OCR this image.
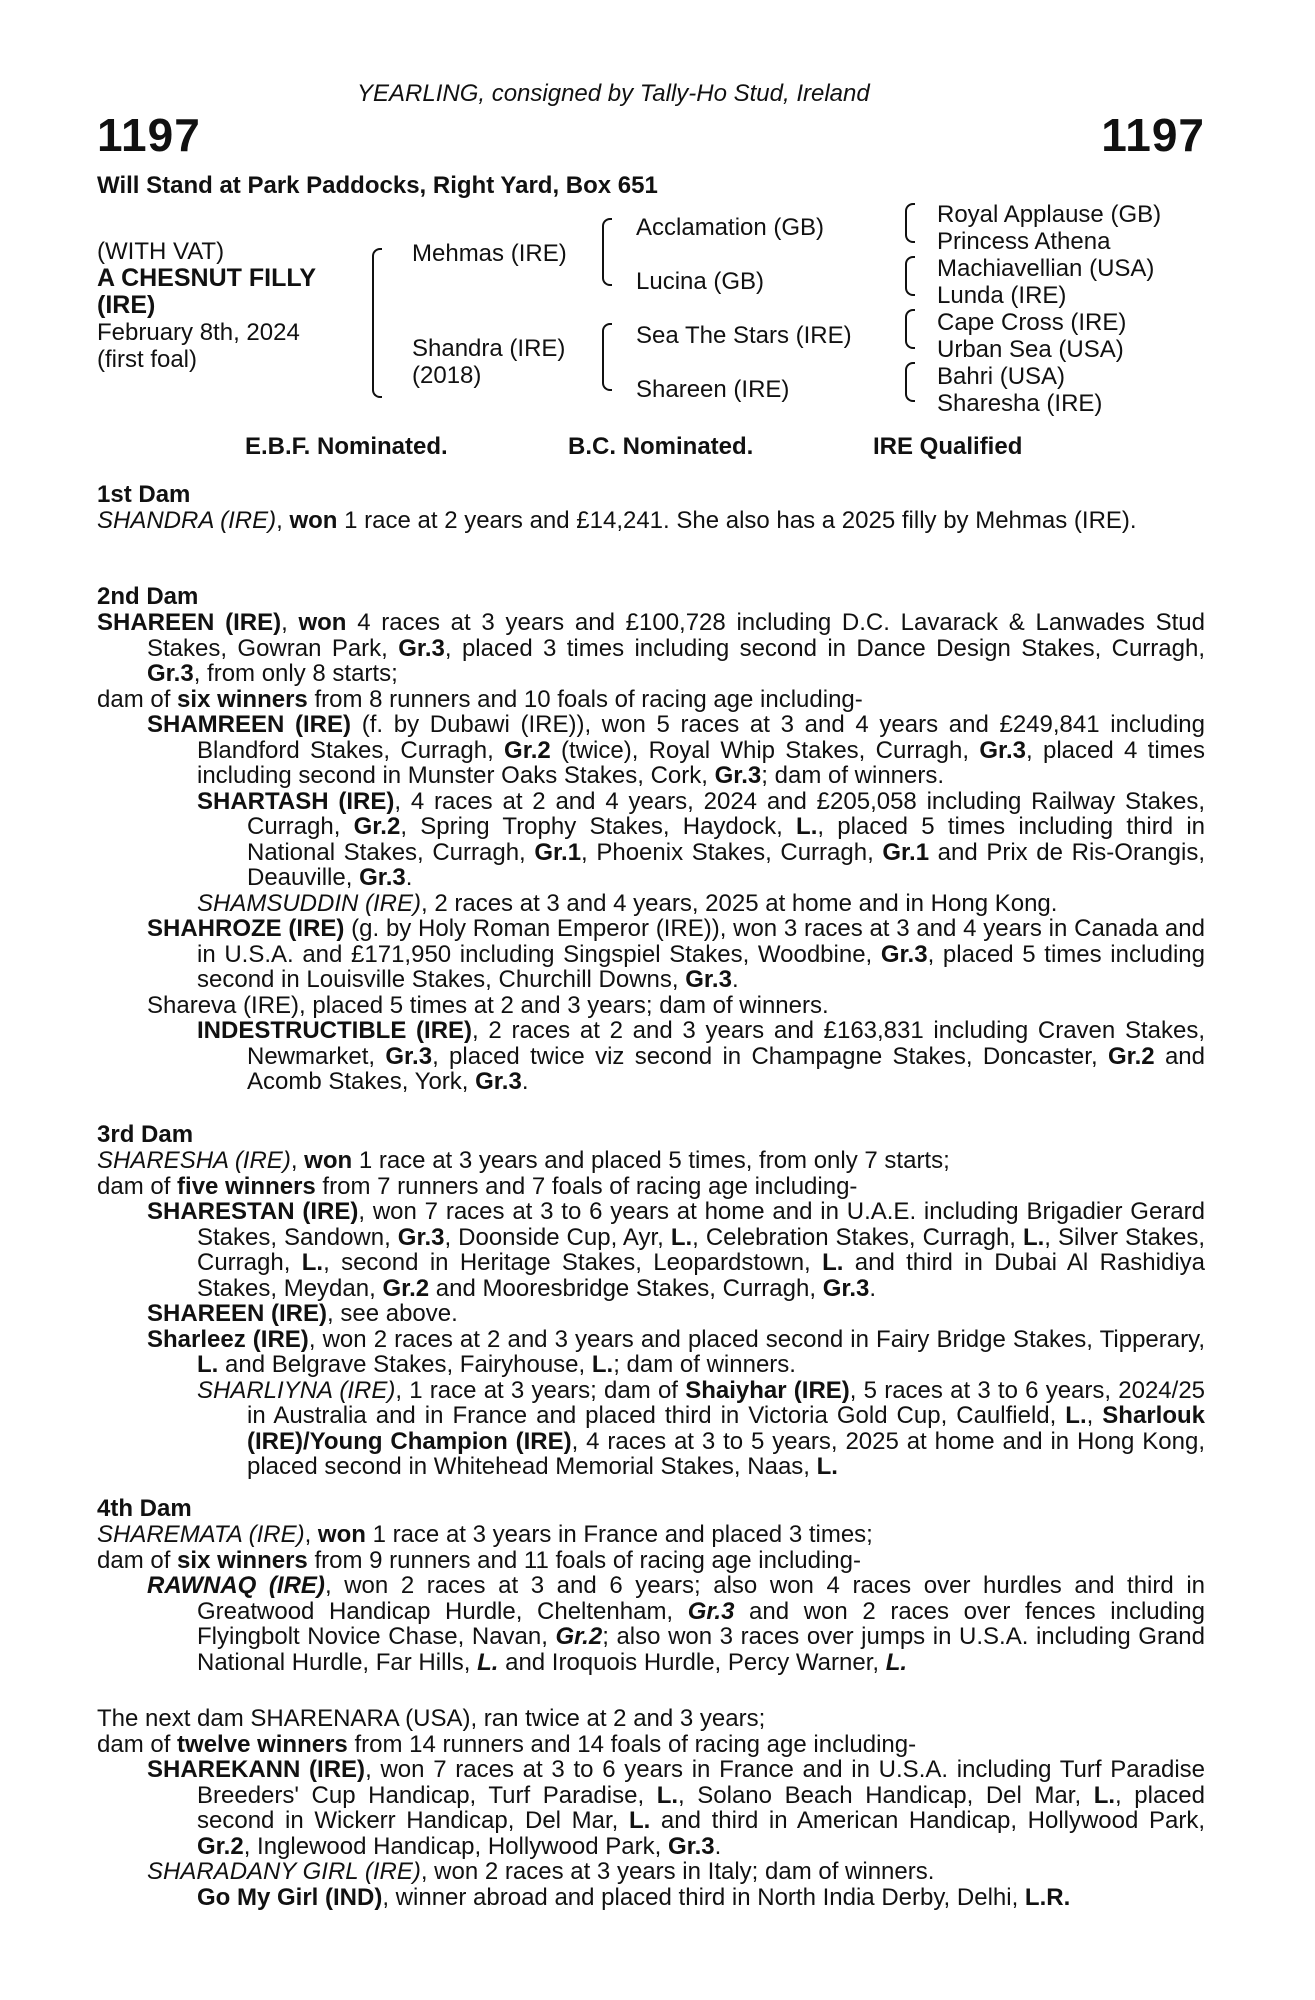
YEARLING, consigned by Tally-Ho Stud, Ireland
1197	1197
Will Stand at Park Paddocks, Right Yard, Box 651
(WITH VAT)
A CHESNUT FILLY
(IRE)
February 8th, 2024
(first foal)
Mehmas (IRE)
Shandra (IRE)
(2018)
Acclamation (GB)
Lucina (GB)
Sea The Stars (IRE)
Shareen (IRE)
Royal Applause (GB)
Princess Athena
Machiavellian (USA)
Lunda (IRE)
Cape Cross (IRE)
Urban Sea (USA)
Bahri (USA)
Sharesha (IRE)
E.B.F. Nominated.	B.C. Nominated.	IRE Qualified
1st Dam

SHANDRA (IRE), won 1 race at 2 years and £14,241. She also has a 2025 filly by Mehmas (IRE).

2nd Dam

SHAREEN (IRE), won 4 races at 3 years and £100,728 including D.C. Lavarack & Lanwades Stud Stakes, Gowran Park, Gr.3, placed 3 times including second in Dance Design Stakes, Curragh, Gr.3, from only 8 starts;

dam of six winners from 8 runners and 10 foals of racing age including-

SHAMREEN (IRE) (f. by Dubawi (IRE)), won 5 races at 3 and 4 years and £249,841 including Blandford Stakes, Curragh, Gr.2 (twice), Royal Whip Stakes, Curragh, Gr.3, placed 4 times including second in Munster Oaks Stakes, Cork, Gr.3; dam of winners.

SHARTASH (IRE), 4 races at 2 and 4 years, 2024 and £205,058 including Railway Stakes, Curragh, Gr.2, Spring Trophy Stakes, Haydock, L., placed 5 times including third in National Stakes, Curragh, Gr.1, Phoenix Stakes, Curragh, Gr.1 and Prix de Ris-Orangis, Deauville, Gr.3.

SHAMSUDDIN (IRE), 2 races at 3 and 4 years, 2025 at home and in Hong Kong.

SHAHROZE (IRE) (g. by Holy Roman Emperor (IRE)), won 3 races at 3 and 4 years in Canada and in U.S.A. and £171,950 including Singspiel Stakes, Woodbine, Gr.3, placed 5 times including second in Louisville Stakes, Churchill Downs, Gr.3.

Shareva (IRE), placed 5 times at 2 and 3 years; dam of winners.

INDESTRUCTIBLE (IRE), 2 races at 2 and 3 years and £163,831 including Craven Stakes, Newmarket, Gr.3, placed twice viz second in Champagne Stakes, Doncaster, Gr.2 and Acomb Stakes, York, Gr.3.

3rd Dam

SHARESHA (IRE), won 1 race at 3 years and placed 5 times, from only 7 starts;

dam of five winners from 7 runners and 7 foals of racing age including-

SHARESTAN (IRE), won 7 races at 3 to 6 years at home and in U.A.E. including Brigadier Gerard Stakes, Sandown, Gr.3, Doonside Cup, Ayr, L., Celebration Stakes, Curragh, L., Silver Stakes, Curragh, L., second in Heritage Stakes, Leopardstown, L. and third in Dubai Al Rashidiya Stakes, Meydan, Gr.2 and Mooresbridge Stakes, Curragh, Gr.3.

SHAREEN (IRE), see above.

Sharleez (IRE), won 2 races at 2 and 3 years and placed second in Fairy Bridge Stakes, Tipperary, L. and Belgrave Stakes, Fairyhouse, L.; dam of winners.

SHARLIYNA (IRE), 1 race at 3 years; dam of Shaiyhar (IRE), 5 races at 3 to 6 years, 2024/25 in Australia and in France and placed third in Victoria Gold Cup, Caulfield, L., Sharlouk (IRE)/Young Champion (IRE), 4 races at 3 to 5 years, 2025 at home and in Hong Kong, placed second in Whitehead Memorial Stakes, Naas, L.

4th Dam

SHAREMATA (IRE), won 1 race at 3 years in France and placed 3 times;

dam of six winners from 9 runners and 11 foals of racing age including-

RAWNAQ (IRE), won 2 races at 3 and 6 years; also won 4 races over hurdles and third in Greatwood Handicap Hurdle, Cheltenham, Gr.3 and won 2 races over fences including Flyingbolt Novice Chase, Navan, Gr.2; also won 3 races over jumps in U.S.A. including Grand National Hurdle, Far Hills, L. and Iroquois Hurdle, Percy Warner, L.

The next dam SHARENARA (USA), ran twice at 2 and 3 years;

dam of twelve winners from 14 runners and 14 foals of racing age including-

SHAREKANN (IRE), won 7 races at 3 to 6 years in France and in U.S.A. including Turf Paradise Breeders' Cup Handicap, Turf Paradise, L., Solano Beach Handicap, Del Mar, L., placed second in Wickerr Handicap, Del Mar, L. and third in American Handicap, Hollywood Park, Gr.2, Inglewood Handicap, Hollywood Park, Gr.3.

SHARADANY GIRL (IRE), won 2 races at 3 years in Italy; dam of winners.

Go My Girl (IND), winner abroad and placed third in North India Derby, Delhi, L.R.
